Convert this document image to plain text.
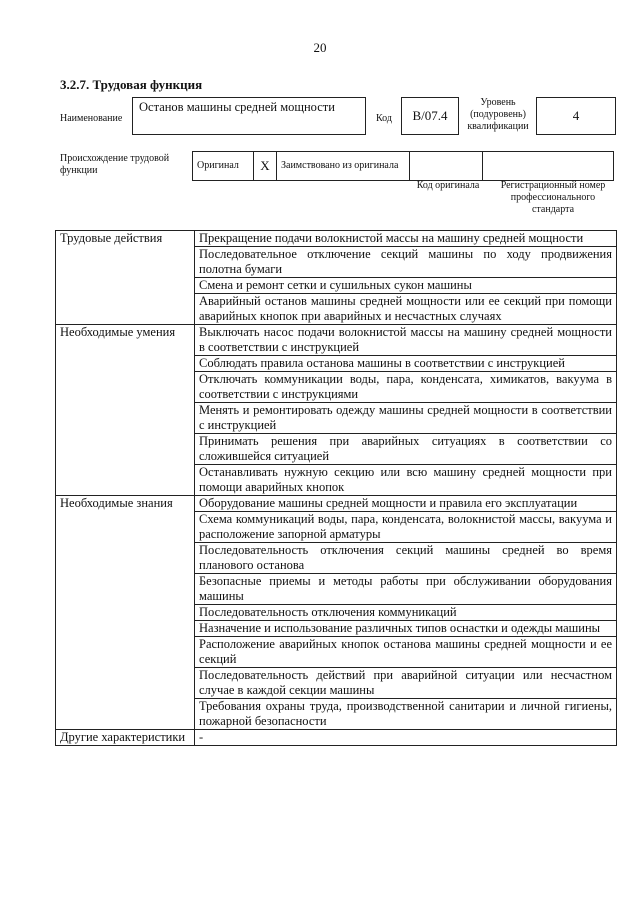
20
3.2.7. Трудовая функция
Наименование
Останов машины средней мощности
Код	В/07.4
Уровень (подуровень) квалификации
4
Происхождение трудовой функции	Оригинал	X	Заимствовано из оригинала		
Код оригинала	Регистрационный номер профессионального стандарта
Трудовые действия	Прекращение подачи волокнистой массы на машину средней мощности
	Последовательное отключение секций машины по ходу продвижения полотна бумаги
	Смена и ремонт сетки и сушильных сукон машины
	Аварийный останов машины средней мощности или ее секций при помощи аварийных кнопок при аварийных и несчастных случаях
Необходимые умения	Выключать насос подачи волокнистой массы на машину средней мощности в соответствии с инструкцией
	Соблюдать правила останова машины в соответствии с инструкцией
	Отключать коммуникации воды, пара, конденсата, химикатов, вакуума в соответствии с инструкциями
	Менять и ремонтировать одежду машины средней мощности в соответствии с инструкцией
	Принимать решения при аварийных ситуациях в соответствии со сложившейся ситуацией
	Останавливать нужную секцию или всю машину средней мощности при помощи аварийных кнопок
Необходимые знания	Оборудование машины средней мощности и правила его эксплуатации
	Схема коммуникаций воды, пара, конденсата, волокнистой массы, вакуума и расположение запорной арматуры
	Последовательность отключения секций машины средней во время планового останова
	Безопасные приемы и методы работы при обслуживании оборудования машины
	Последовательность отключения коммуникаций
	Назначение и использование различных типов оснастки и одежды машины
	Расположение аварийных кнопок останова машины средней мощности и ее секций
	Последовательность действий при аварийной ситуации или несчастном случае в каждой секции машины
	Требования охраны труда, производственной санитарии и личной гигиены, пожарной безопасности
Другие характеристики	-
